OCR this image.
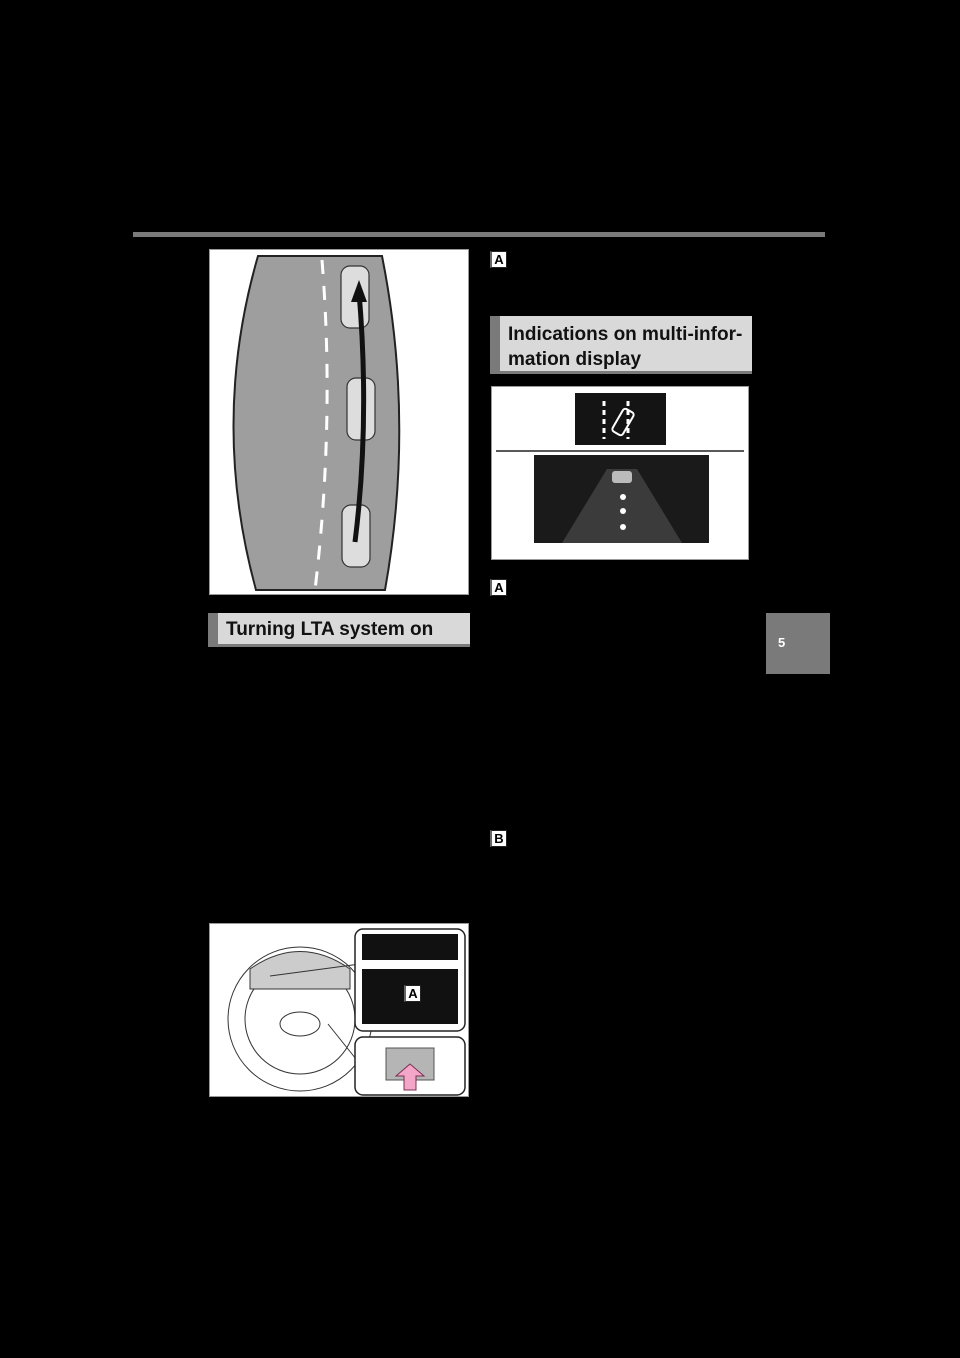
Turning LTA system on
A
A
Indications on multi-infor-
mation display
A
B
5
